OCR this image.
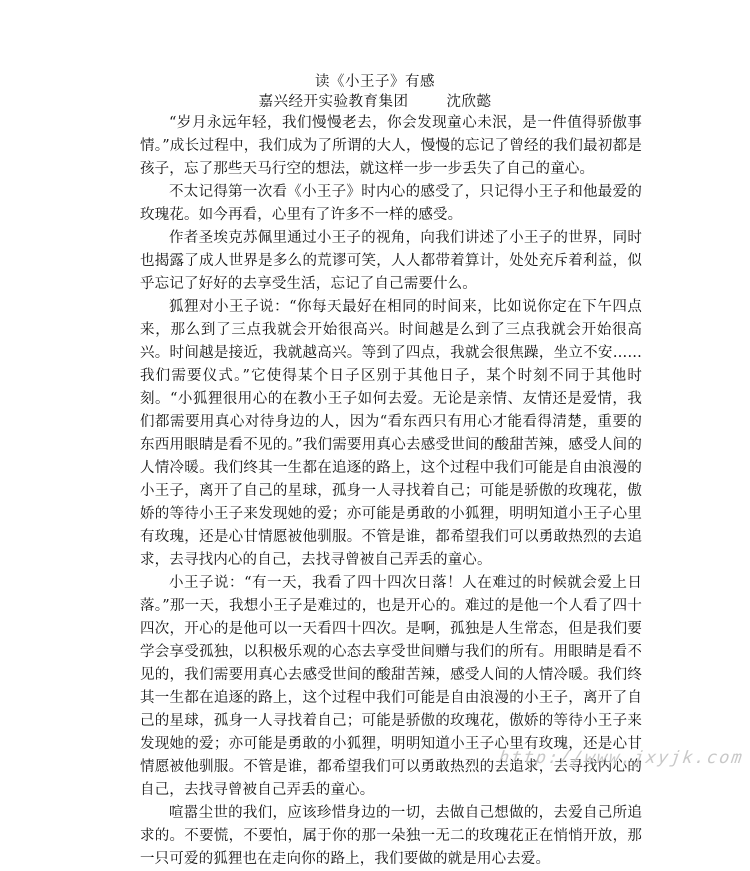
读《小王子》有感
嘉兴经开实验教育集团	沈欣懿

“岁月永远年轻，我们慢慢老去，你会发现童心未泯，是一件值得骄傲事情。”成长过程中，我们成为了所谓的大人，慢慢的忘记了曾经的我们最初都是孩子，忘了那些天马行空的想法，就这样一步一步丢失了自己的童心。

不太记得第一次看《小王子》时内心的感受了，只记得小王子和他最爱的玫瑰花。如今再看，心里有了许多不一样的感受。

作者圣埃克苏佩里通过小王子的视角，向我们讲述了小王子的世界，同时也揭露了成人世界是多么的荒谬可笑，人人都带着算计，处处充斥着利益，似乎忘记了好好的去享受生活，忘记了自己需要什么。

狐狸对小王子说：“你每天最好在相同的时间来，比如说你定在下午四点来，那么到了三点我就会开始很高兴。时间越是么到了三点我就会开始很高兴。时间越是接近，我就越高兴。等到了四点，我就会很焦躁，坐立不安……我们需要仪式。”它使得某个日子区别于其他日子，某个时刻不同于其他时刻。“小狐狸很用心的在教小王子如何去爱。无论是亲情、友情还是爱情，我们都需要用真心对待身边的人，因为“看东西只有用心才能看得清楚，重要的东西用眼睛是看不见的。”我们需要用真心去感受世间的酸甜苦辣，感受人间的人情冷暖。我们终其一生都在追逐的路上，这个过程中我们可能是自由浪漫的小王子，离开了自己的星球，孤身一人寻找着自己；可能是骄傲的玫瑰花，傲娇的等待小王子来发现她的爱；亦可能是勇敢的小狐狸，明明知道小王子心里有玫瑰，还是心甘情愿被他驯服。不管是谁，都希望我们可以勇敢热烈的去追求，去寻找内心的自己，去找寻曾被自己弄丢的童心。

小王子说：“有一天，我看了四十四次日落！人在难过的时候就会爱上日落。”那一天，我想小王子是难过的，也是开心的。难过的是他一个人看了四十四次，开心的是他可以一天看四十四次。是啊，孤独是人生常态，但是我们要学会享受孤独，以积极乐观的心态去享受世间赠与我们的所有。用眼睛是看不见的，我们需要用真心去感受世间的酸甜苦辣，感受人间的人情冷暖。我们终其一生都在追逐的路上，这个过程中我们可能是自由浪漫的小王子，离开了自己的星球，孤身一人寻找着自己；可能是骄傲的玫瑰花，傲娇的等待小王子来发现她的爱；亦可能是勇敢的小狐狸，明明知道小王子心里有玫瑰，还是心甘情愿被他驯服。不管是谁，都希望我们可以勇敢热烈的去追求，去寻找内心的自己，去找寻曾被自己弄丢的童心。

喧嚣尘世的我们，应该珍惜身边的一切，去做自己想做的，去爱自己所追求的。不要慌，不要怕，属于你的那一朵独一无二的玫瑰花正在悄悄开放，那一只可爱的狐狸也在走向你的路上，我们要做的就是用心去爱。

http://www.jxyjk.com
